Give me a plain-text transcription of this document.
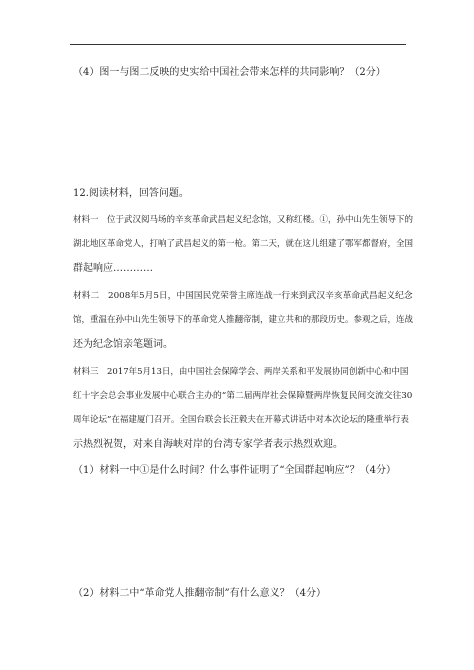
（4）图一与图二反映的史实给中国社会带来怎样的共同影响？（2分）
12.阅读材料，回答问题。
材料一　位于武汉阅马场的辛亥革命武昌起义纪念馆，又称红楼。①，孙中山先生领导下的
湖北地区革命党人，打响了武昌起义的第一枪。第二天，就在这儿组建了鄂军都督府，全国
群起响应…………
材料二　2008年5月5日，中国国民党荣誉主席连战一行来到武汉辛亥革命武昌起义纪念
馆，重温在孙中山先生领导下的革命党人推翻帝制，建立共和的那段历史。参观之后，连战
还为纪念馆亲笔题词。
材料三　2017年5月13日，由中国社会保障学会、两岸关系和平发展协同创新中心和中国
红十字会总会事业发展中心联合主办的“第二届两岸社会保障暨两岸恢复民间交流交往30
周年论坛”在福建厦门召开。全国台联会长汪毅夫在开幕式讲话中对本次论坛的隆重举行表
示热烈祝贺，对来自海峡对岸的台湾专家学者表示热烈欢迎。
（1）材料一中①是什么时间？什么事件证明了“全国群起响应”？（4分）
（2）材料二中“革命党人推翻帝制”有什么意义？（4分）
